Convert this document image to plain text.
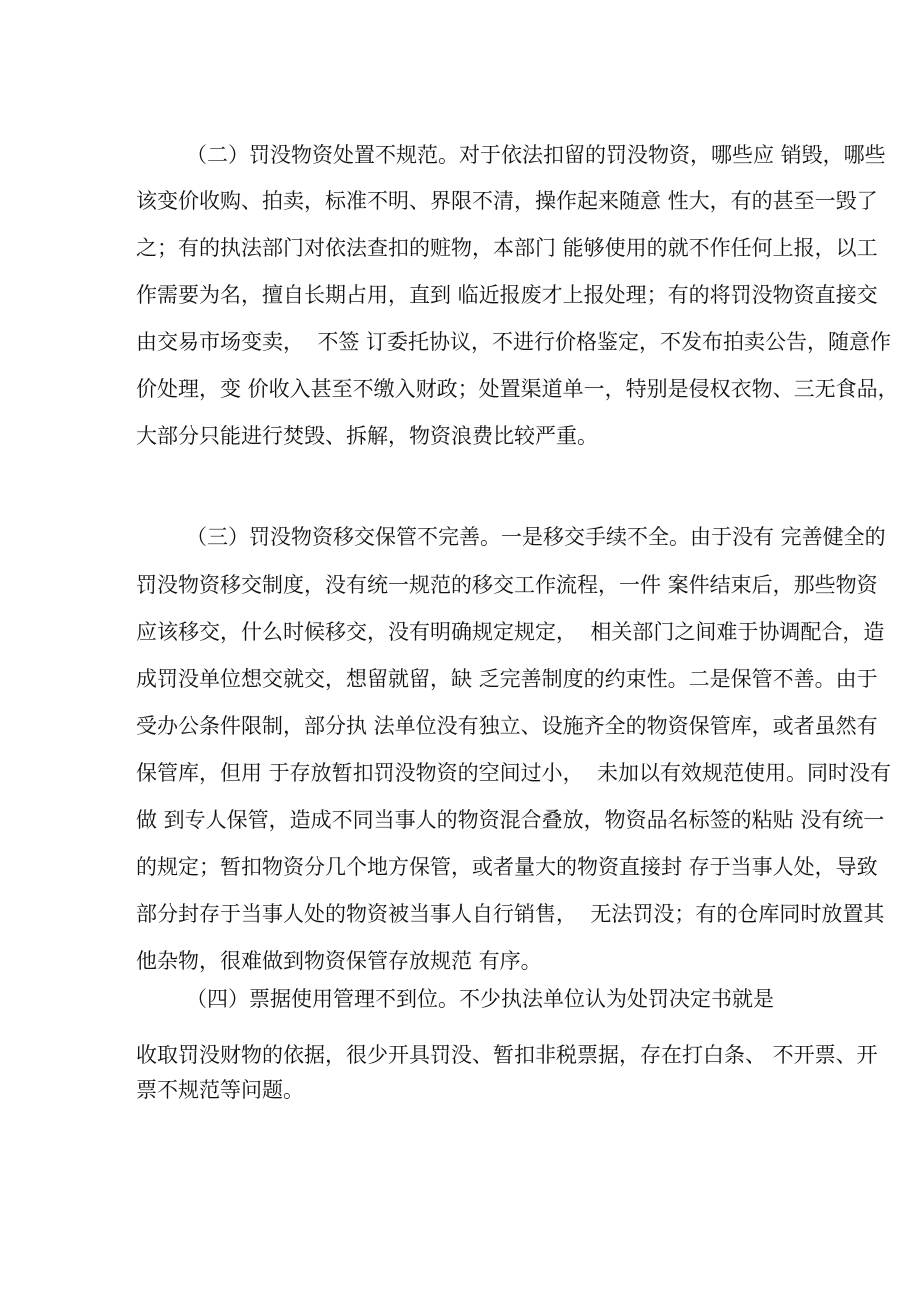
（二）罚没物资处置不规范。对于依法扣留的罚没物资，哪些应 销毁，哪些
该变价收购、拍卖，标准不明、界限不清，操作起来随意 性大，有的甚至一毁了
之；有的执法部门对依法查扣的赃物，本部门 能够使用的就不作任何上报，以工
作需要为名，擅自长期占用，直到 临近报废才上报处理；有的将罚没物资直接交
由交易市场变卖，  不签 订委托协议，不进行价格鉴定，不发布拍卖公告，随意作
价处理，变 价收入甚至不缴入财政；处置渠道单一，特别是侵权衣物、三无食品，
大部分只能进行焚毁、拆解，物资浪费比较严重。
（三）罚没物资移交保管不完善。一是移交手续不全。由于没有 完善健全的
罚没物资移交制度，没有统一规范的移交工作流程，一件 案件结束后，那些物资
应该移交，什么时候移交，没有明确规定规定，  相关部门之间难于协调配合，造
成罚没单位想交就交，想留就留，缺 乏完善制度的约束性。二是保管不善。由于
受办公条件限制，部分执 法单位没有独立、设施齐全的物资保管库，或者虽然有
保管库，但用 于存放暂扣罚没物资的空间过小，  未加以有效规范使用。同时没有
做 到专人保管，造成不同当事人的物资混合叠放，物资品名标签的粘贴 没有统一
的规定；暂扣物资分几个地方保管，或者量大的物资直接封 存于当事人处，导致
部分封存于当事人处的物资被当事人自行销售，  无法罚没；有的仓库同时放置其
他杂物，很难做到物资保管存放规范 有序。
（四）票据使用管理不到位。不少执法单位认为处罚决定书就是
收取罚没财物的依据，很少开具罚没、暂扣非税票据，存在打白条、 不开票、开
票不规范等问题。
